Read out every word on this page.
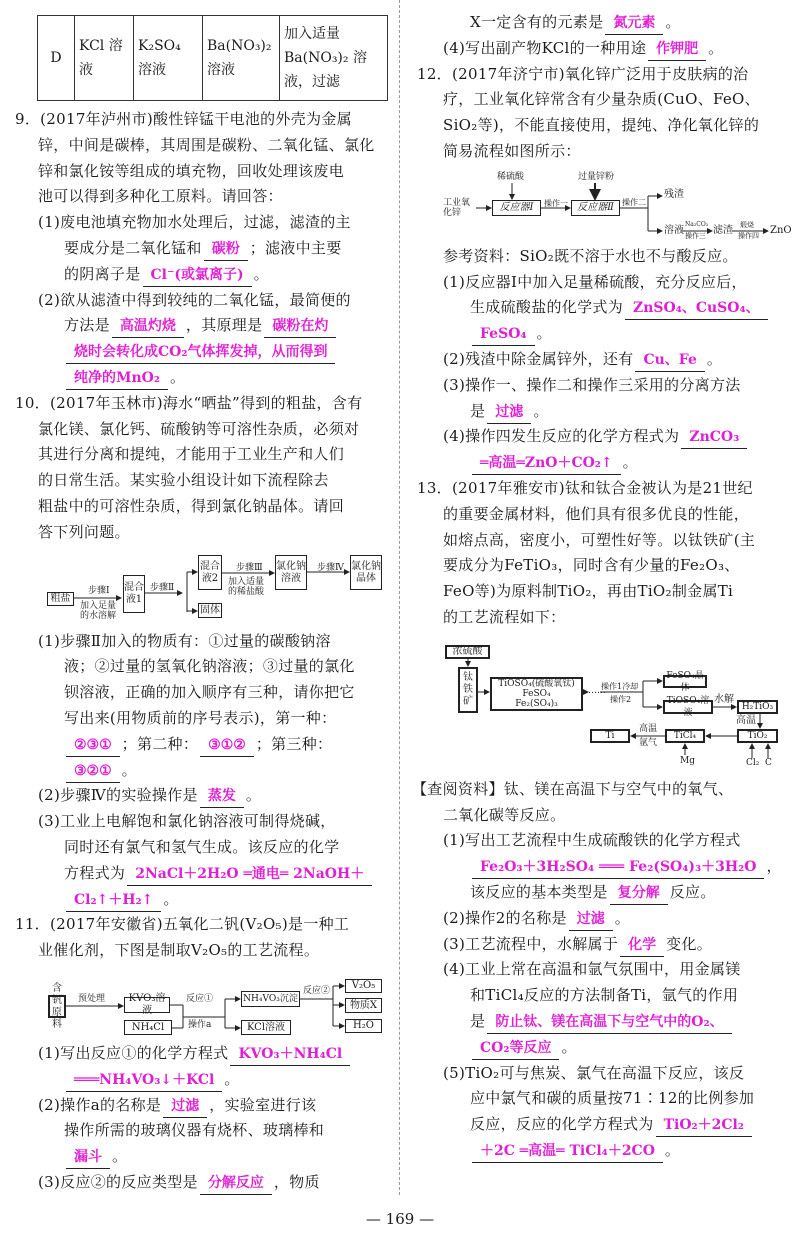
D	KCl 溶液	K₂SO₄ 溶液	Ba(NO₃)₂ 溶液	加入适量 Ba(NO₃)₂ 溶液，过滤
9．(2017年泸州市)酸性锌锰干电池的外壳为金属
锌，中间是碳棒，其周围是碳粉、二氧化锰、氯化
锌和氯化铵等组成的填充物，回收处理该废电
池可以得到多种化工原料。请回答：
(1)废电池填充物加水处理后，过滤，滤渣的主
要成分是二氧化锰和 碳粉 ；滤液中主要
的阴离子是 Cl⁻(或氯离子) 。
(2)欲从滤渣中得到较纯的二氧化锰，最简便的
方法是 高温灼烧 ，其原理是 碳粉在灼
烧时会转化成CO₂气体挥发掉，从而得到
纯净的MnO₂ 。
10．(2017年玉林市)海水“晒盐”得到的粗盐，含有
氯化镁、氯化钙、硫酸钠等可溶性杂质，必须对
其进行分离和提纯，才能用于工业生产和人们
的日常生活。某实验小组设计如下流程除去
粗盐中的可溶性杂质，得到氯化钠晶体。请回
答下列问题。
(1)步骤Ⅱ加入的物质有：①过量的碳酸钠溶
液；②过量的氢氧化钠溶液；③过量的氯化
钡溶液，正确的加入顺序有三种，请你把它
写出来(用物质前的序号表示)，第一种：
②③① ；第二种： ③①② ；第三种：
③②① 。
(2)步骤Ⅳ的实验操作是 蒸发 。
(3)工业上电解饱和氯化钠溶液可制得烧碱，
同时还有氯气和氢气生成。该反应的化学
方程式为 2NaCl＋2H₂O ═通电═ 2NaOH＋
Cl₂↑＋H₂↑ 。
11．(2017年安徽省)五氧化二钒(V₂O₅)是一种工
业催化剂，下图是制取V₂O₅的工艺流程。
(1)写出反应①的化学方程式 KVO₃＋NH₄Cl
═══NH₄VO₃↓＋KCl 。
(2)操作a的名称是 过滤 ，实验室进行该
操作所需的玻璃仪器有烧杯、玻璃棒和
漏斗 。
(3)反应②的反应类型是 分解反应 ，物质
X一定含有的元素是 氮元素 。
(4)写出副产物KCl的一种用途 作钾肥 。
12．(2017年济宁市)氧化锌广泛用于皮肤病的治
疗，工业氧化锌常含有少量杂质(CuO、FeO、
SiO₂等)，不能直接使用，提纯、净化氧化锌的
简易流程如图所示：
参考资料：SiO₂既不溶于水也不与酸反应。
(1)反应器Ⅰ中加入足量稀硫酸，充分反应后，
生成硫酸盐的化学式为 ZnSO₄、CuSO₄、
FeSO₄ 。
(2)残渣中除金属锌外，还有 Cu、Fe 。
(3)操作一、操作二和操作三采用的分离方法
是 过滤 。
(4)操作四发生反应的化学方程式为 ZnCO₃
═高温═ZnO＋CO₂↑ 。
13．(2017年雅安市)钛和钛合金被认为是21世纪
的重要金属材料，他们具有很多优良的性能，
如熔点高，密度小，可塑性好等。以钛铁矿(主
要成分为FeTiO₃，同时含有少量的Fe₂O₃、
FeO等)为原料制TiO₂，再由TiO₂制金属Ti
的工艺流程如下：
【查阅资料】钛、镁在高温下与空气中的氧气、
二氧化碳等反应。
(1)写出工艺流程中生成硫酸铁的化学方程式
Fe₂O₃＋3H₂SO₄ ═══ Fe₂(SO₄)₃＋3H₂O ，
该反应的基本类型是 复分解 反应。
(2)操作2的名称是 过滤 。
(3)工艺流程中，水解属于 化学 变化。
(4)工业上常在高温和氩气氛围中，用金属镁
和TiCl₄反应的方法制备Ti，氩气的作用
是 防止钛、镁在高温下与空气中的O₂、
CO₂等反应 。
(5)TiO₂可与焦炭、氯气在高温下反应，该反
应中氯气和碳的质量按71∶12的比例参加
反应，反应的化学方程式为 TiO₂＋2Cl₂
＋2C ═高温═ TiCl₄＋2CO 。
粗盐
步骤Ⅰ
加入足量的水溶解
混合液1
步骤Ⅱ
混合液2
固体
步骤Ⅲ
加入适量的稀盐酸
氯化钠溶液
步骤Ⅳ 氯化钠晶体
含钒原料
预处理	KVO₃溶液
NH₄Cl
反应①
操作a
NH₄VO₃沉淀
KCl溶液
反应②	V₂O₅
物质X
H₂O
工业氧化锌
稀硫酸
反应器Ⅰ	操作一
过量锌粉
反应器Ⅱ	操作二
残渣
溶液
Na₂CO₃
操作三 滤渣 煅烧
操作四 ZnO
浓硫酸
钛铁矿
TiOSO₄(硫酸氧钛)
FeSO₄
Fe₂(SO₄)₃
……
操作1冷却
操作2
FeSO₄晶体
TiOSO₄溶液
水解
H₂TiO₃
高温
TiO₂
Cl₂ C
TiCl₄
Mg
高温
氩气
Ti
— 169 —
